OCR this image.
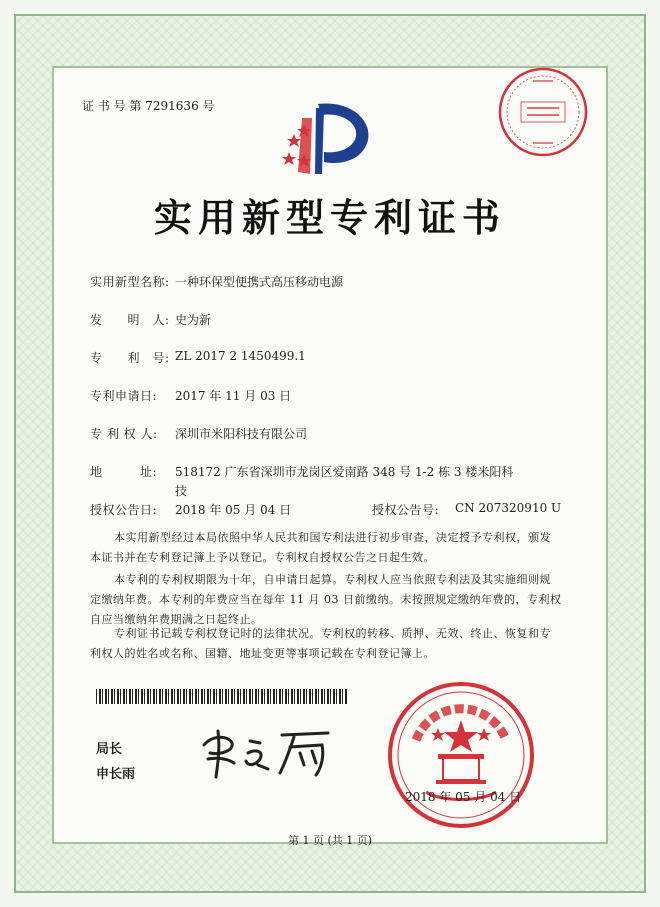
证 书 号 第 7291636 号
实用新型专利证书
实用新型名称: 一种环保型便携式高压移动电源
发　　明　人: 史为新
专　　利　号: ZL 2017 2 1450499.1
专利申请日: 2017 年 11 月 03 日
专 利 权 人: 深圳市米阳科技有限公司
地　　　址: 518172 广东省深圳市龙岗区爱南路 348 号 1-2 栋 3 楼米阳科
技
授权公告日: 2018 年 05 月 04 日	授权公告号: CN 207320910 U
本实用新型经过本局依照中华人民共和国专利法进行初步审查，决定授予专利权，颁发
本证书并在专利登记簿上予以登记。专利权自授权公告之日起生效。
本专利的专利权期限为十年，自申请日起算。专利权人应当依照专利法及其实施细则规
定缴纳年费。本专利的年费应当在每年 11 月 03 日前缴纳。未按照规定缴纳年费的，专利权
自应当缴纳年费期满之日起终止。
专利证书记载专利权登记时的法律状况。专利权的转移、质押、无效、终止、恢复和专
利权人的姓名或名称、国籍、地址变更等事项记载在专利登记簿上。
局长
申长雨
2018 年 05 月 04 日
第 1 页 (共 1 页)
